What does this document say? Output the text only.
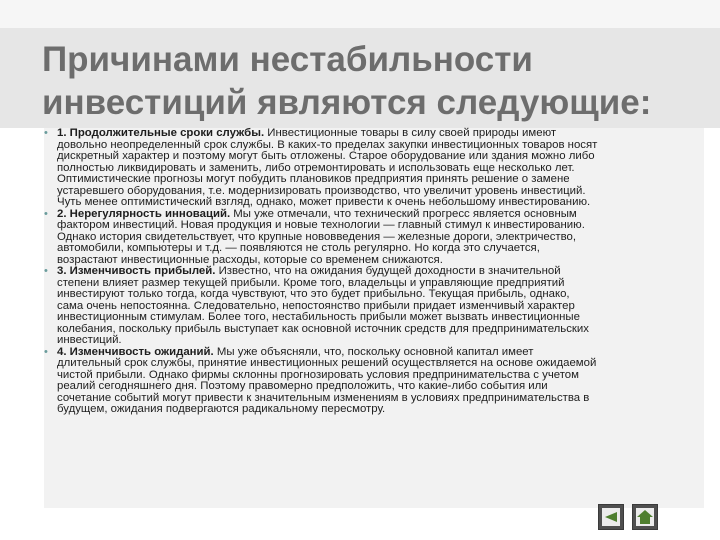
Причинами нестабильности
инвестиций являются следующие:
• 1. Продолжительные сроки службы. Инвестиционные товары в силу своей природы имеют
довольно неопределенный срок службы. В каких-то пределах закупки инвестиционных товаров носят
дискретный характер и поэтому могут быть отложены. Старое оборудование или здания можно либо
полностью ликвидировать и заменить, либо отремонтировать и использовать еще несколько лет.
Оптимистические прогнозы могут побудить плановиков предприятия принять решение о замене
устаревшего оборудования, т.е. модернизировать производство, что увеличит уровень инвестиций.
Чуть менее оптимистический взгляд, однако, может привести к очень небольшому инвестированию.
• 2. Нерегулярность инноваций. Мы уже отмечали, что технический прогресс является основным
фактором инвестиций. Новая продукция и новые технологии — главный стимул к инвестированию.
Однако история свидетельствует, что крупные нововведения — железные дороги, электричество,
автомобили, компьютеры и т.д. — появляются не столь регулярно. Но когда это случается,
возрастают инвестиционные расходы, которые со временем снижаются.
• 3. Изменчивость прибылей. Известно, что на ожидания будущей доходности в значительной
степени влияет размер текущей прибыли. Кроме того, владельцы и управляющие предприятий
инвестируют только тогда, когда чувствуют, что это будет прибыльно. Текущая прибыль, однако,
сама очень непостоянна. Следовательно, непостоянство прибыли придает изменчивый характер
инвестиционным стимулам. Более того, нестабильность прибыли может вызвать инвестиционные
колебания, поскольку прибыль выступает как основной источник средств для предпринимательских
инвестиций.
• 4. Изменчивость ожиданий. Мы уже объясняли, что, поскольку основной капитал имеет
длительный срок службы, принятие инвестиционных решений осуществляется на основе ожидаемой
чистой прибыли. Однако фирмы склонны прогнозировать условия предпринимательства с учетом
реалий сегодняшнего дня. Поэтому правомерно предположить, что какие-либо события или
сочетание событий могут привести к значительным изменениям в условиях предпринимательства в
будущем, ожидания подвергаются радикальному пересмотру.
